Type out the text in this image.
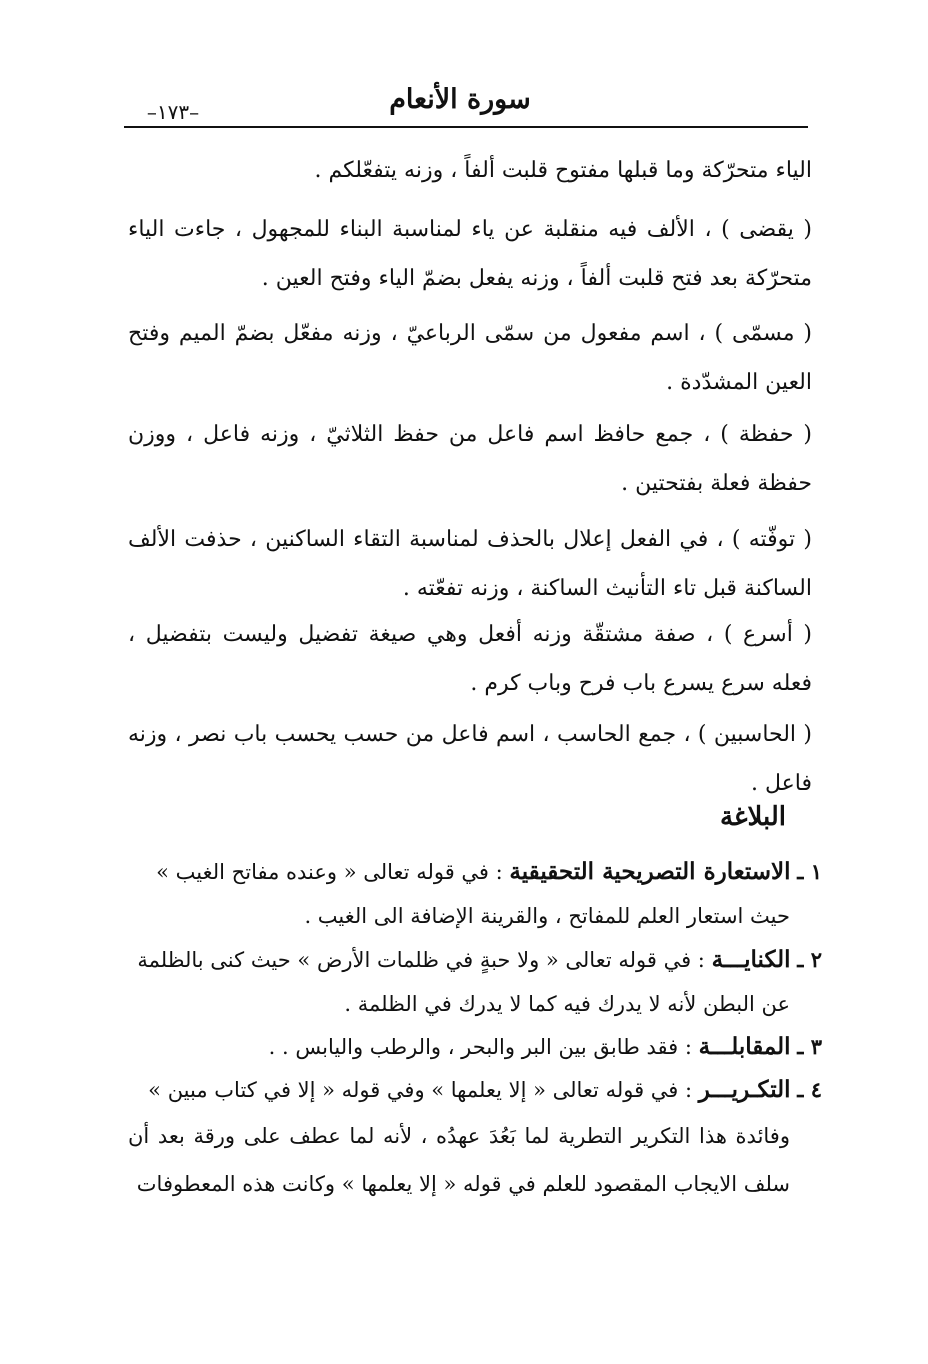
سورة الأنعام
–١٧٣–

الياء متحرّكة وما قبلها مفتوح قلبت ألفاً ، وزنه يتفعّلكم .

( يقضى ) ، الألف فيه منقلبة عن ياء لمناسبة البناء للمجهول ، جاءت الياء متحرّكة بعد فتح قلبت ألفاً ، وزنه يفعل بضمّ الياء وفتح العين .

( مسمّى ) ، اسم مفعول من سمّى الرباعيّ ، وزنه مفعّل بضمّ الميم وفتح العين المشدّدة .

( حفظة ) ، جمع حافظ اسم فاعل من حفظ الثلاثيّ ، وزنه فاعل ، ووزن حفظة فعلة بفتحتين .

( توفّته ) ، في الفعل إعلال بالحذف لمناسبة التقاء الساكنين ، حذفت الألف الساكنة قبل تاء التأنيث الساكنة ، وزنه تفعّته .

( أسرع ) ، صفة مشتقّة وزنه أفعل وهي صيغة تفضيل وليست بتفضيل ، فعله سرع يسرع باب فرح وباب كرم .

( الحاسبين ) ، جمع الحاسب ، اسم فاعل من حسب يحسب باب نصر ، وزنه فاعل .

البلاغة
١ ـ الاستعارة التصريحية التحقيقية : في قوله تعالى « وعنده مفاتح الغيب »
حيث استعار العلم للمفاتح ، والقرينة الإضافة الى الغيب .
٢ ـ الكنايـــة : في قوله تعالى « ولا حبةٍ في ظلمات الأرض » حيث كنى بالظلمة
عن البطن لأنه لا يدرك فيه كما لا يدرك في الظلمة .
٣ ـ المقابلـــة : فقد طابق بين البر والبحر ، والرطب واليابس . .
٤ ـ التكـريـــر : في قوله تعالى « إلا يعلمها » وفي قوله « إلا في كتاب مبين »
وفائدة هذا التكرير التطرية لما بَعُدَ عهدُه ، لأنه لما عطف على ورقة بعد أن سلف الايجاب المقصود للعلم في قوله « إلا يعلمها » وكانت هذه المعطوفات
